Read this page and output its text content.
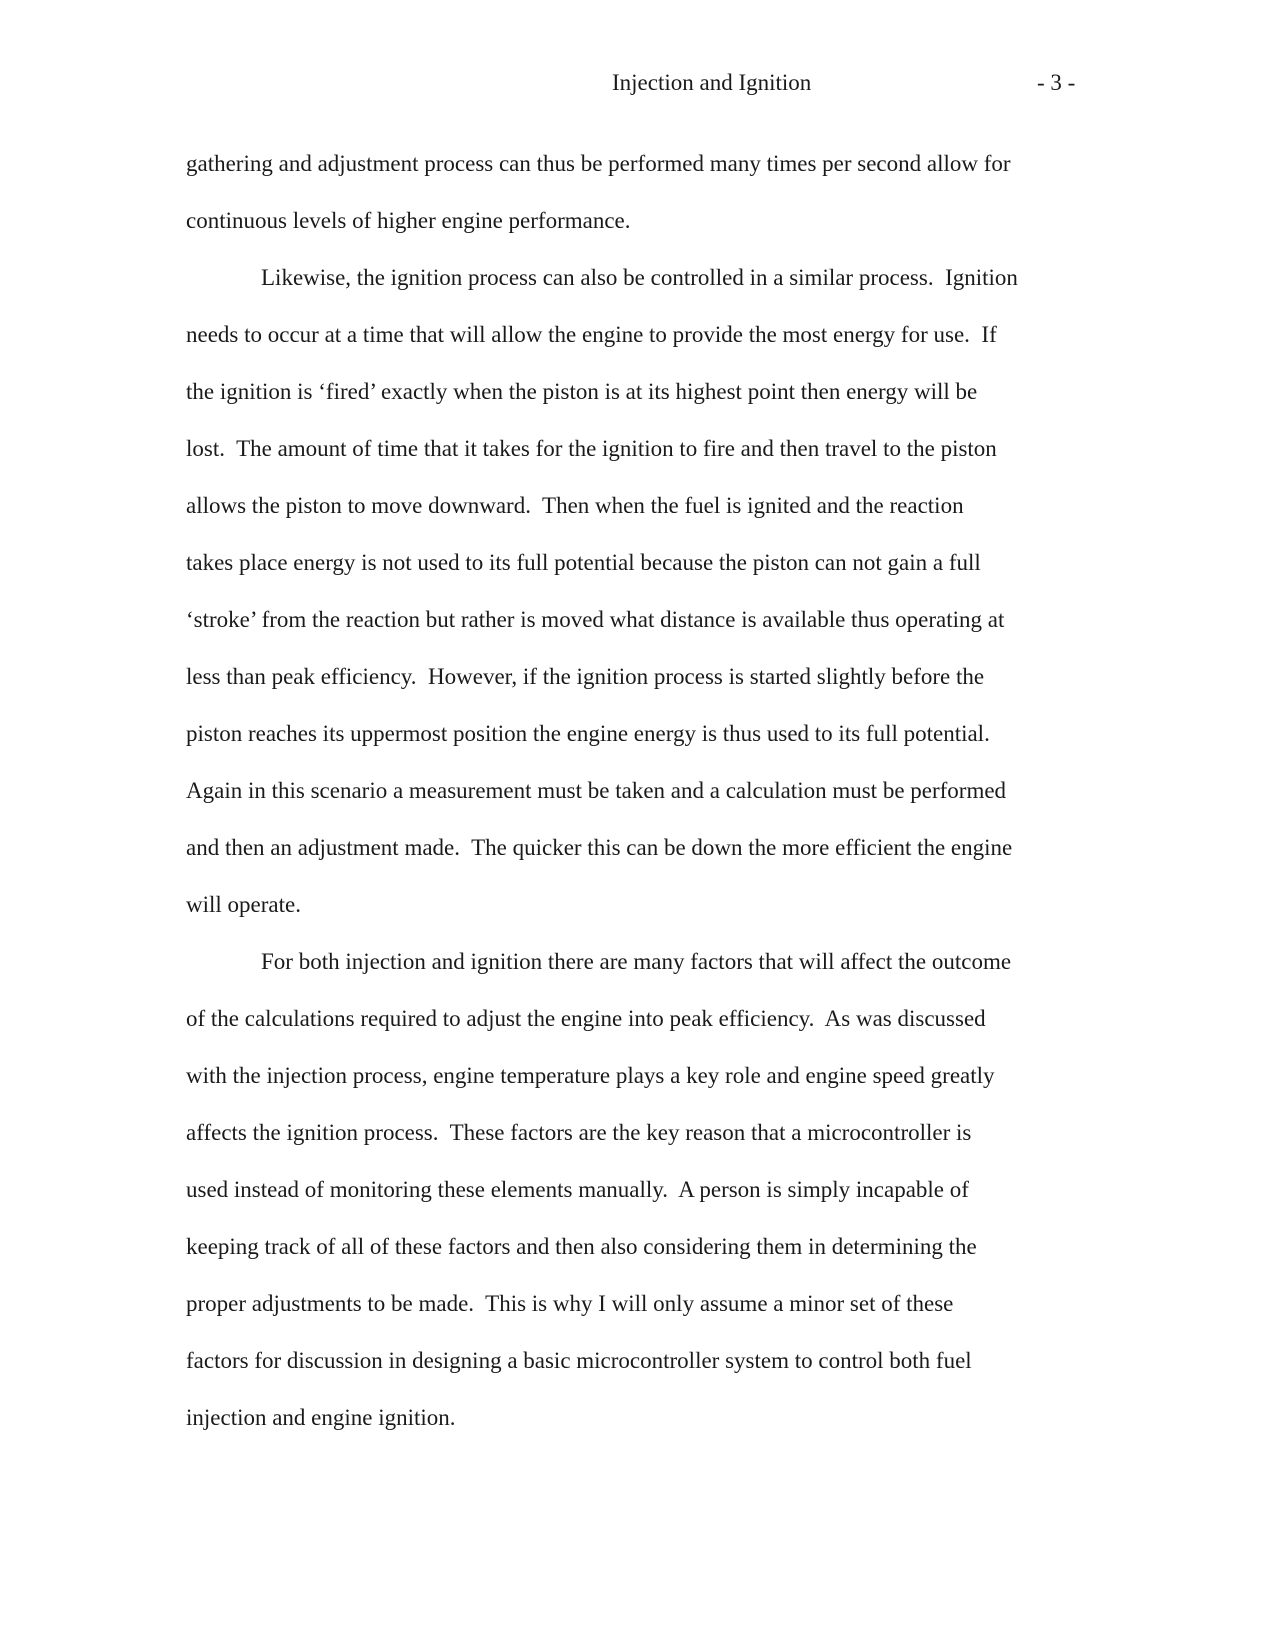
Injection and Ignition	- 3 -
gathering and adjustment process can thus be performed many times per second allow for
continuous levels of higher engine performance.
Likewise, the ignition process can also be controlled in a similar process.  Ignition
needs to occur at a time that will allow the engine to provide the most energy for use.  If
the ignition is ‘fired’ exactly when the piston is at its highest point then energy will be
lost.  The amount of time that it takes for the ignition to fire and then travel to the piston
allows the piston to move downward.  Then when the fuel is ignited and the reaction
takes place energy is not used to its full potential because the piston can not gain a full
‘stroke’ from the reaction but rather is moved what distance is available thus operating at
less than peak efficiency.  However, if the ignition process is started slightly before the
piston reaches its uppermost position the engine energy is thus used to its full potential.
Again in this scenario a measurement must be taken and a calculation must be performed
and then an adjustment made.  The quicker this can be down the more efficient the engine
will operate.
For both injection and ignition there are many factors that will affect the outcome
of the calculations required to adjust the engine into peak efficiency.  As was discussed
with the injection process, engine temperature plays a key role and engine speed greatly
affects the ignition process.  These factors are the key reason that a microcontroller is
used instead of monitoring these elements manually.  A person is simply incapable of
keeping track of all of these factors and then also considering them in determining the
proper adjustments to be made.  This is why I will only assume a minor set of these
factors for discussion in designing a basic microcontroller system to control both fuel
injection and engine ignition.
